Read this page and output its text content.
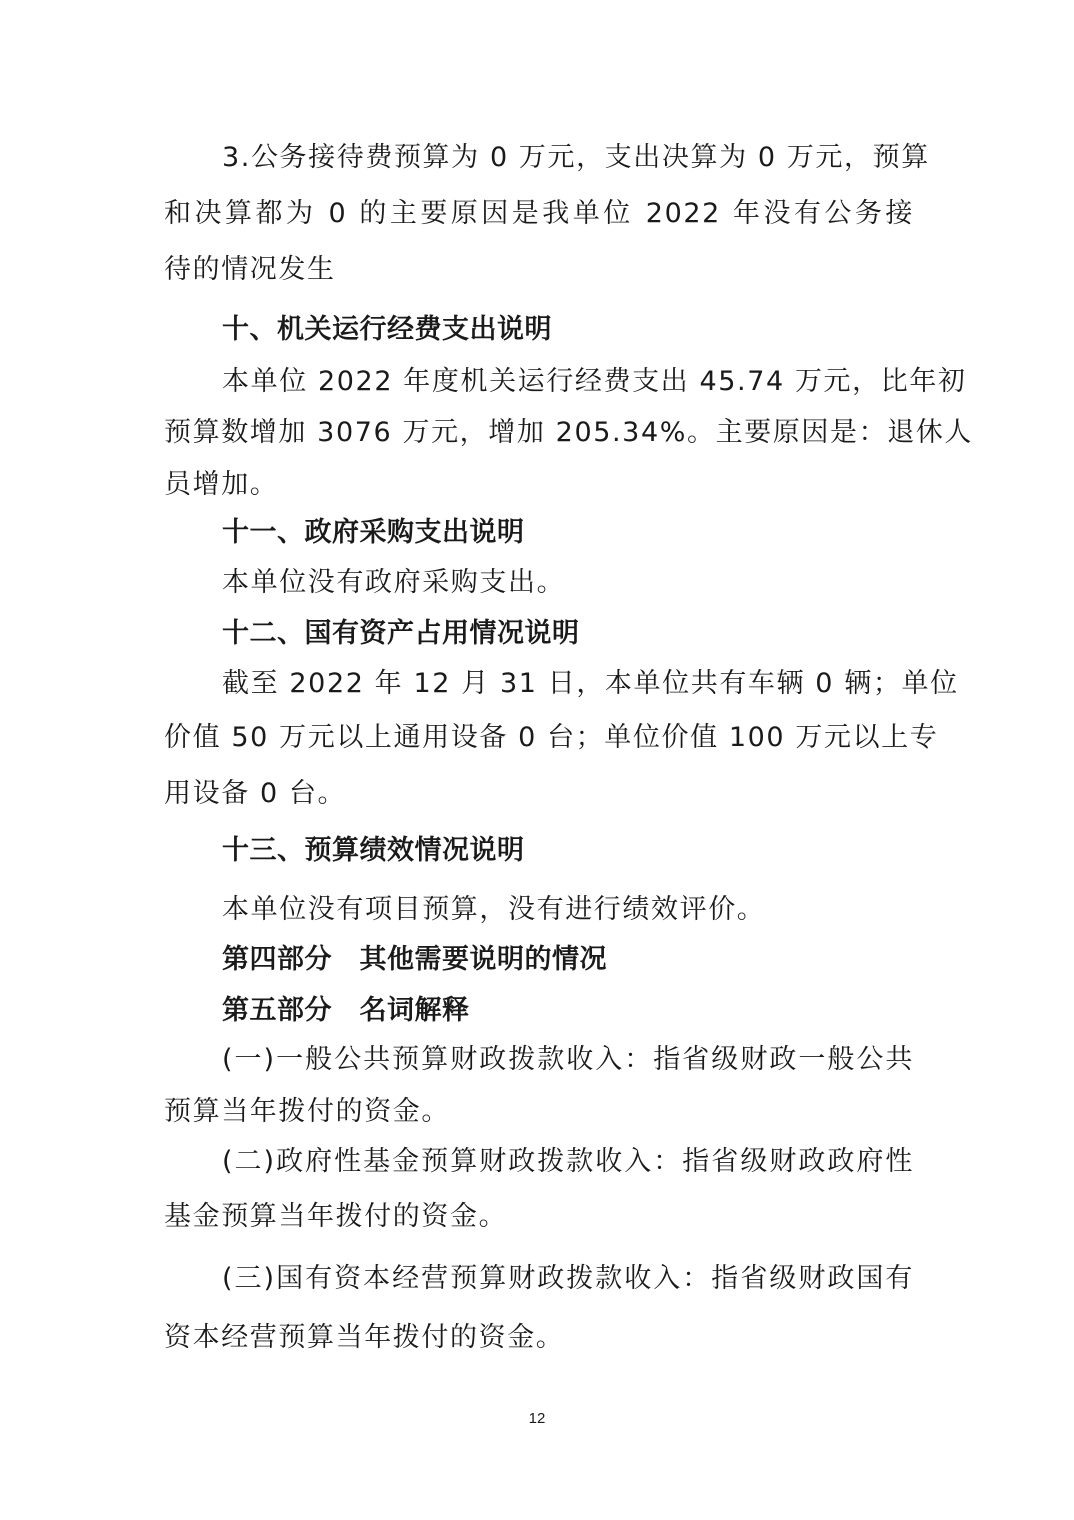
3.公务接待费预算为 0 万元，支出决算为 0 万元，预算
和决算都为 0 的主要原因是我单位 2022 年没有公务接
待的情况发生
十、机关运行经费支出说明
本单位 2022 年度机关运行经费支出 45.74 万元，比年初
预算数增加 3076 万元，增加 205.34%。主要原因是：退休人
员增加。
十一、政府采购支出说明
本单位没有政府采购支出。
十二、国有资产占用情况说明
截至 2022 年 12 月 31 日，本单位共有车辆 0 辆；单位
价值 50 万元以上通用设备 0 台；单位价值 100 万元以上专
用设备 0 台。
十三、预算绩效情况说明
本单位没有项目预算，没有进行绩效评价。
第四部分　其他需要说明的情况
第五部分　名词解释
(一)一般公共预算财政拨款收入：指省级财政一般公共
预算当年拨付的资金。
(二)政府性基金预算财政拨款收入：指省级财政政府性
基金预算当年拨付的资金。
(三)国有资本经营预算财政拨款收入：指省级财政国有
资本经营预算当年拨付的资金。
12
